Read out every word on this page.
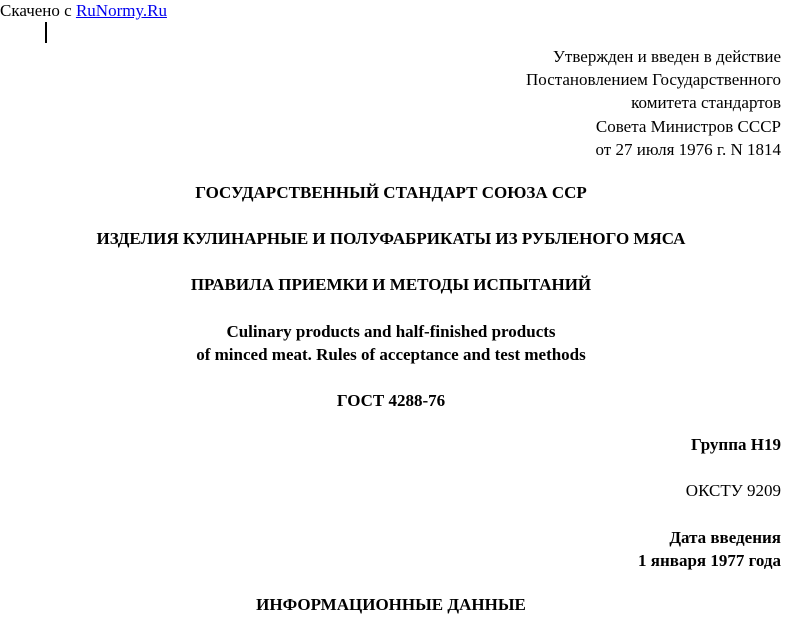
Скачено с RuNormy.Ru
Утвержден и введен в действие
Постановлением Государственного
комитета стандартов
Совета Министров СССР
от 27 июля 1976 г. N 1814
ГОСУДАРСТВЕННЫЙ СТАНДАРТ СОЮЗА ССР
ИЗДЕЛИЯ КУЛИНАРНЫЕ И ПОЛУФАБРИКАТЫ ИЗ РУБЛЕНОГО МЯСА
ПРАВИЛА ПРИЕМКИ И МЕТОДЫ ИСПЫТАНИЙ
Culinary products and half-finished products
of minced meat. Rules of acceptance and test methods
ГОСТ 4288-76
Группа Н19
ОКСТУ 9209
Дата введения
1 января 1977 года
ИНФОРМАЦИОННЫЕ ДАННЫЕ
